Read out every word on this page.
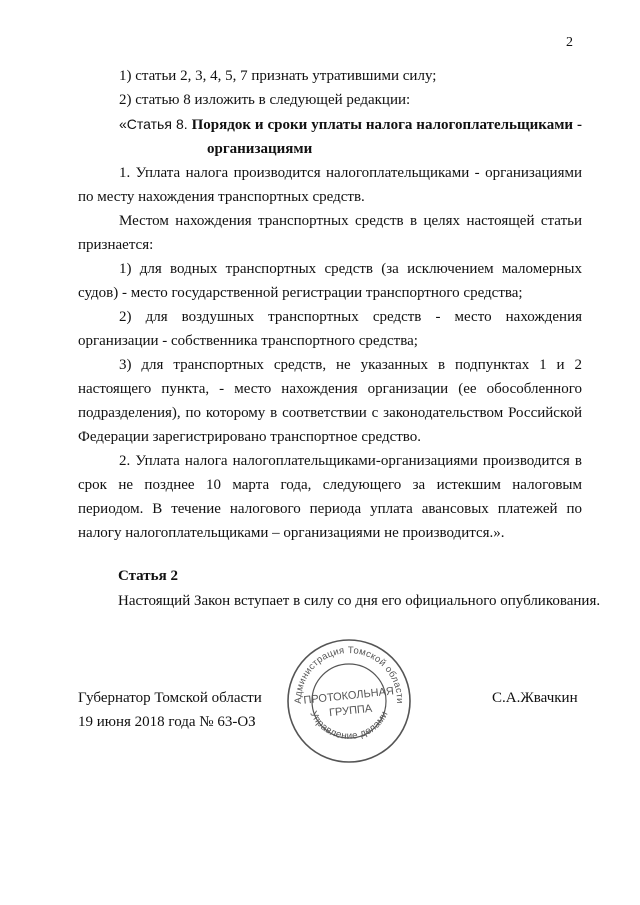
2

1) статьи 2, 3, 4, 5, 7 признать утратившими силу;

2) статью 8 изложить в следующей редакции:

«Статья 8. Порядок и сроки уплаты налога налогоплательщиками -

организациями

1. Уплата налога производится налогоплательщиками - организациями по месту нахождения транспортных средств.

Местом нахождения транспортных средств в целях настоящей статьи признается:

1) для водных транспортных средств (за исключением маломерных судов) - место государственной регистрации транспортного средства;

2) для воздушных транспортных средств - место нахождения организации - собственника транспортного средства;

3) для транспортных средств, не указанных в подпунктах 1 и 2 настоящего пункта, - место нахождения организации (ее обособленного подразделения), по которому в соответствии с законодательством Российской Федерации зарегистрировано транспортное средство.

2. Уплата налога налогоплательщиками-организациями производится в срок не позднее 10 марта года, следующего за истекшим налоговым периодом. В течение налогового периода уплата авансовых платежей по налогу налогоплательщиками – организациями не производится.».

Статья 2
Настоящий Закон вступает в силу со дня его официального опубликования.
Губернатор Томской области
19 июня 2018 года № 63-ОЗ
С.А.Жвачкин
Администрация Томской области
Управление делами
ПРОТОКОЛЬНАЯ
ГРУППА
